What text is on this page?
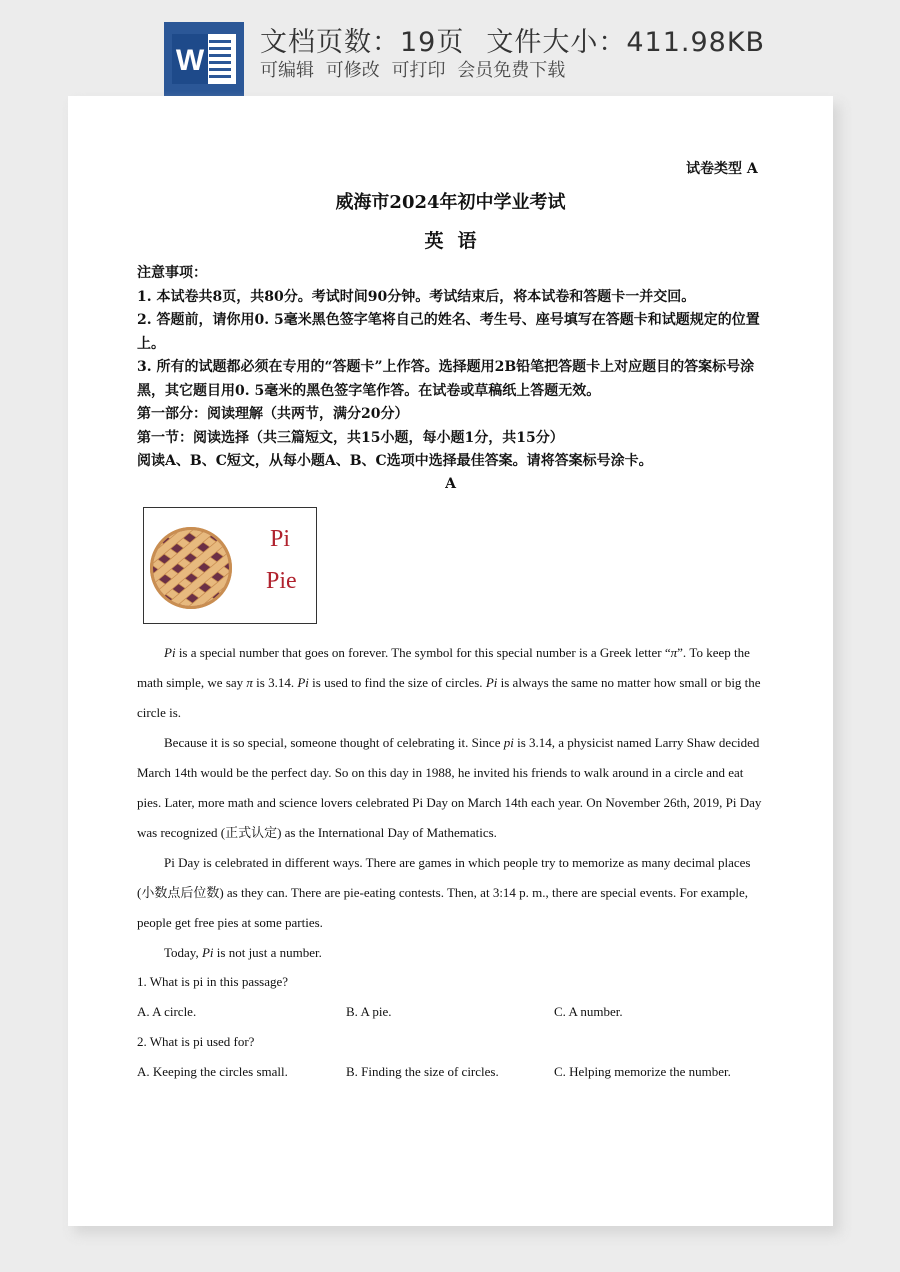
W
文档页数：19页 文件大小：411.98KB
可编辑 可修改 可打印 会员免费下载
试卷类型 A
威海市2024年初中学业考试
英语

注意事项：

1. 本试卷共8页，共80分。考试时间90分钟。考试结束后，将本试卷和答题卡一并交回。

2. 答题前，请你用0. 5毫米黑色签字笔将自己的姓名、考生号、座号填写在答题卡和试题规定的位置上。

3. 所有的试题都必须在专用的“答题卡”上作答。选择题用2B铅笔把答题卡上对应题目的答案标号涂黑，其它题目用0. 5毫米的黑色签字笔作答。在试卷或草稿纸上答题无效。

第一部分：阅读理解（共两节，满分20分）

第一节：阅读选择（共三篇短文，共15小题，每小题1分，共15分）

阅读A、B、C短文，从每小题A、B、C选项中选择最佳答案。请将答案标号涂卡。

A
Pi
Pie

Pi is a special number that goes on forever. The symbol for this special number is a Greek letter “π”. To keep the math simple, we say π is 3.14. Pi is used to find the size of circles. Pi is always the same no matter how small or big the circle is.

Because it is so special, someone thought of celebrating it. Since pi is 3.14, a physicist named Larry Shaw decided March 14th would be the perfect day. So on this day in 1988, he invited his friends to walk around in a circle and eat pies. Later, more math and science lovers celebrated Pi Day on March 14th each year. On November 26th, 2019, Pi Day was recognized (正式认定) as the International Day of Mathematics.

Pi Day is celebrated in different ways. There are games in which people try to memorize as many decimal places (小数点后位数) as they can. There are pie-eating contests. Then, at 3:14 p. m., there are special events. For example, people get free pies at some parties.

Today, Pi is not just a number.

1. What is pi in this passage?
A. A circle.	B. A pie.	C. A number.
2. What is pi used for?
A. Keeping the circles small.	B. Finding the size of circles.	C. Helping memorize the number.
